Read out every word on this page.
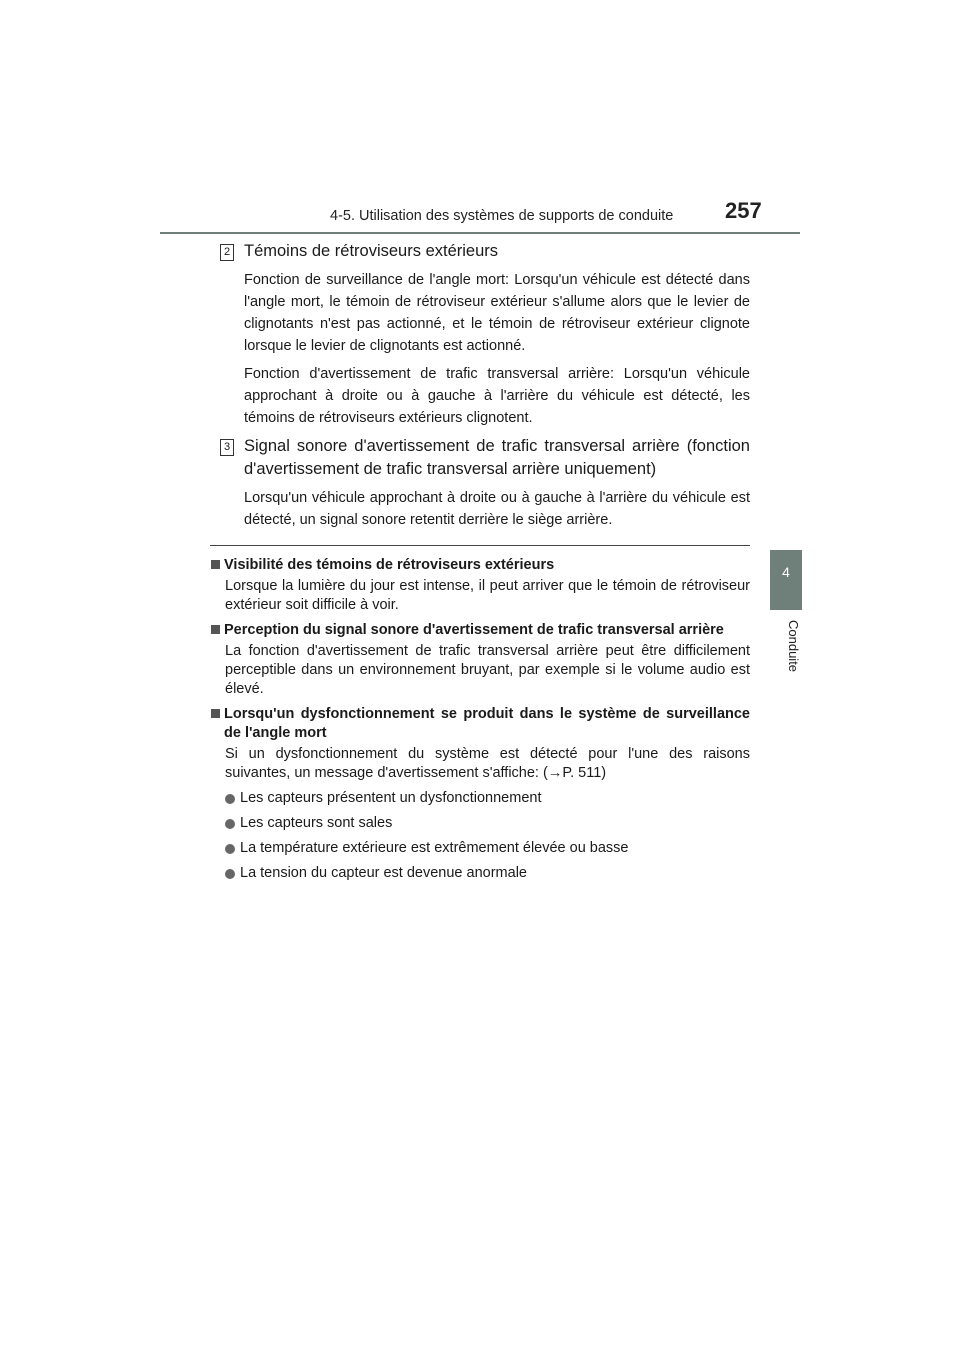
4-5. Utilisation des systèmes de supports de conduite 257
4
Conduite
2 Témoins de rétroviseurs extérieurs

Fonction de surveillance de l'angle mort: Lorsqu'un véhicule est détecté dans l'angle mort, le témoin de rétroviseur extérieur s'allume alors que le levier de clignotants n'est pas actionné, et le témoin de rétroviseur extérieur clignote lorsque le levier de clignotants est actionné.

Fonction d'avertissement de trafic transversal arrière: Lorsqu'un véhicule approchant à droite ou à gauche à l'arrière du véhicule est détecté, les témoins de rétroviseurs extérieurs clignotent.

3 Signal sonore d'avertissement de trafic transversal arrière (fonction d'avertissement de trafic transversal arrière uniquement)

Lorsqu'un véhicule approchant à droite ou à gauche à l'arrière du véhicule est détecté, un signal sonore retentit derrière le siège arrière.

Visibilité des témoins de rétroviseurs extérieurs
Lorsque la lumière du jour est intense, il peut arriver que le témoin de rétroviseur extérieur soit difficile à voir.
Perception du signal sonore d'avertissement de trafic transversal arrière
La fonction d'avertissement de trafic transversal arrière peut être difficilement perceptible dans un environnement bruyant, par exemple si le volume audio est élevé.
Lorsqu'un dysfonctionnement se produit dans le système de surveillance de l'angle mort
Si un dysfonctionnement du système est détecté pour l'une des raisons suivantes, un message d'avertissement s'affiche: (→P. 511)
Les capteurs présentent un dysfonctionnement
Les capteurs sont sales
La température extérieure est extrêmement élevée ou basse
La tension du capteur est devenue anormale
